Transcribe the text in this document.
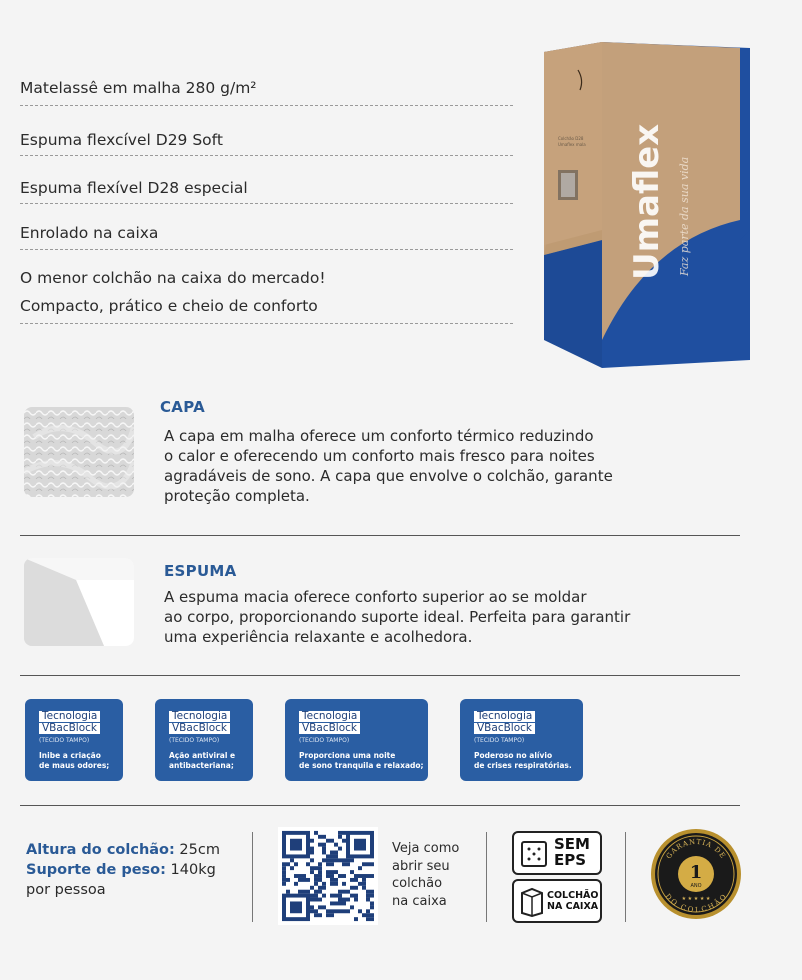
Matelassê em malha 280 g/m²
Espuma flexcível D29 Soft
Espuma flexível D28 especial
Enrolado na caixa
O menor colchão na caixa do mercado!
Compacto, prático e cheio de conforto
Colchão D28
Umaflex mala Umaflex Faz parte da sua vida
CAPA
A capa em malha oferece um conforto térmico reduzindo
o calor e oferecendo um conforto mais fresco para noites
agradáveis de sono. A capa que envolve o colchão, garante
proteção completa.
ESPUMA
A espuma macia oferece conforto superior ao se moldar
ao corpo, proporcionando suporte ideal. Perfeita para garantir
uma experiência relaxante e acolhedora.
Tecnologia
VBacBlock
(TECIDO TAMPO)
Inibe a criação
de maus odores;
Tecnologia
VBacBlock
(TECIDO TAMPO)
Ação antiviral e
antibacteriana;
Tecnologia
VBacBlock
(TECIDO TAMPO)
Proporciona uma noite
de sono tranquila e relaxado;
Tecnologia
VBacBlock
(TECIDO TAMPO)
Poderoso no alívio
de crises respiratórias.
Altura do colchão: 25cm
Suporte de peso: 140kg
por pessoa
Veja como
abrir seu
colchão
na caixa
SEM
EPS
COLCHÃO
NA CAIXA
GARANTIA DE
DO COLCHÃO
1
ANO
★ ★ ★ ★ ★
